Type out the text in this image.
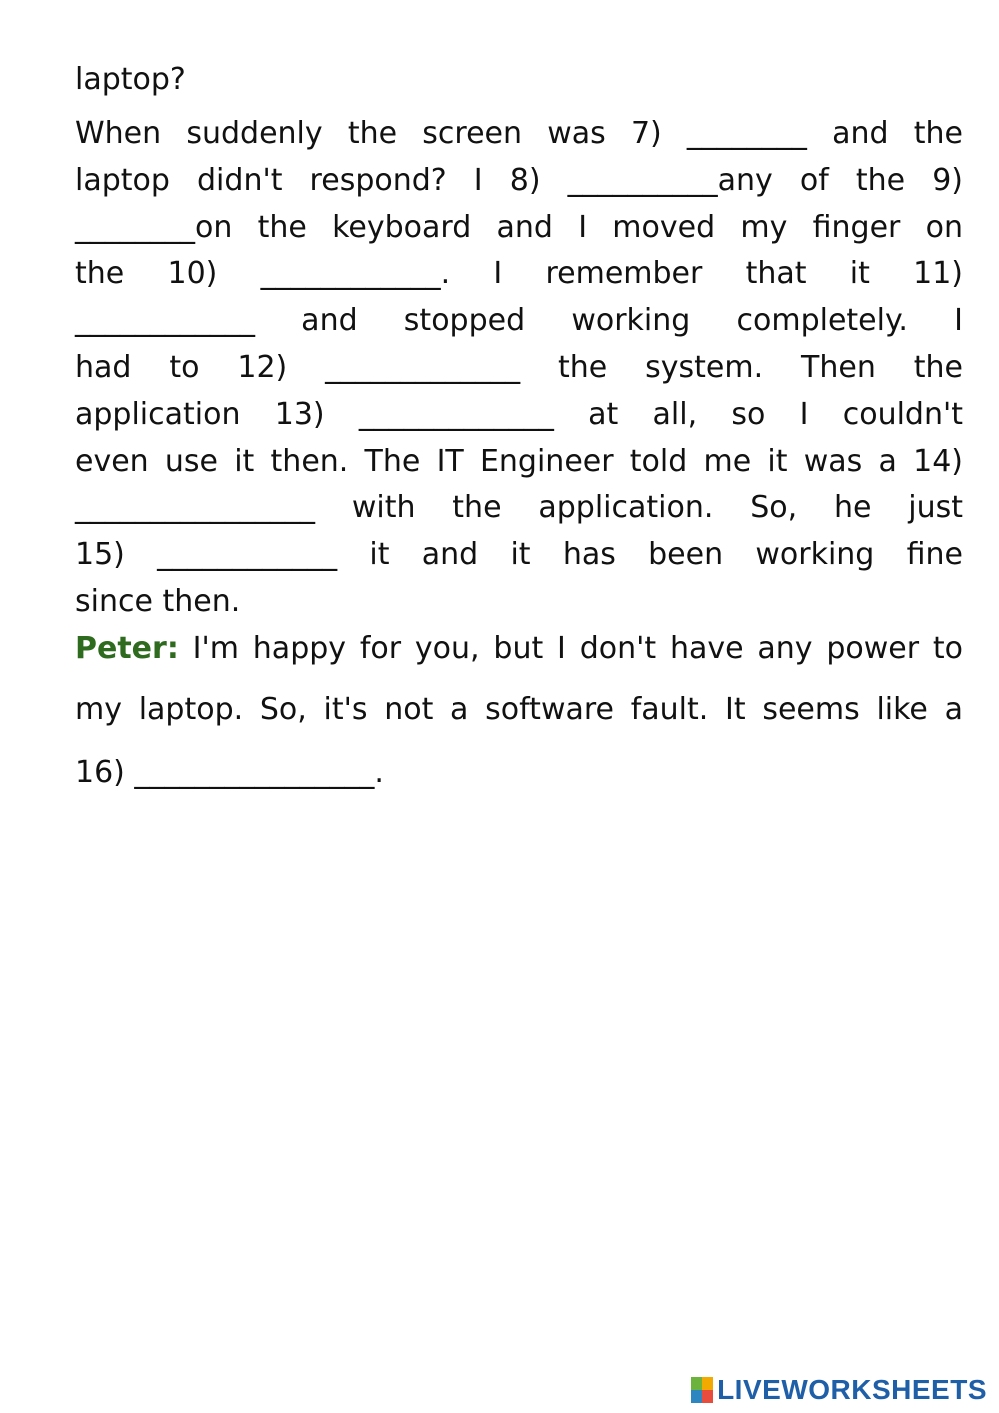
laptop?
When suddenly the screen was 7) ________ and the
laptop didn't respond? I 8) __________any of the 9)
________on the keyboard and I moved my finger on
the 10) ____________. I remember that it 11)
____________ and stopped working completely. I
had to 12) _____________ the system. Then the
application 13) _____________ at all, so I couldn't
even use it then. The IT Engineer told me it was a 14)
________________ with the application. So, he just
15) ____________ it and it has been working fine
since then.
Peter: I'm happy for you, but I don't have any power to
my laptop. So, it's not a software fault. It seems like a
16) ________________.
LIVEWORKSHEETS
